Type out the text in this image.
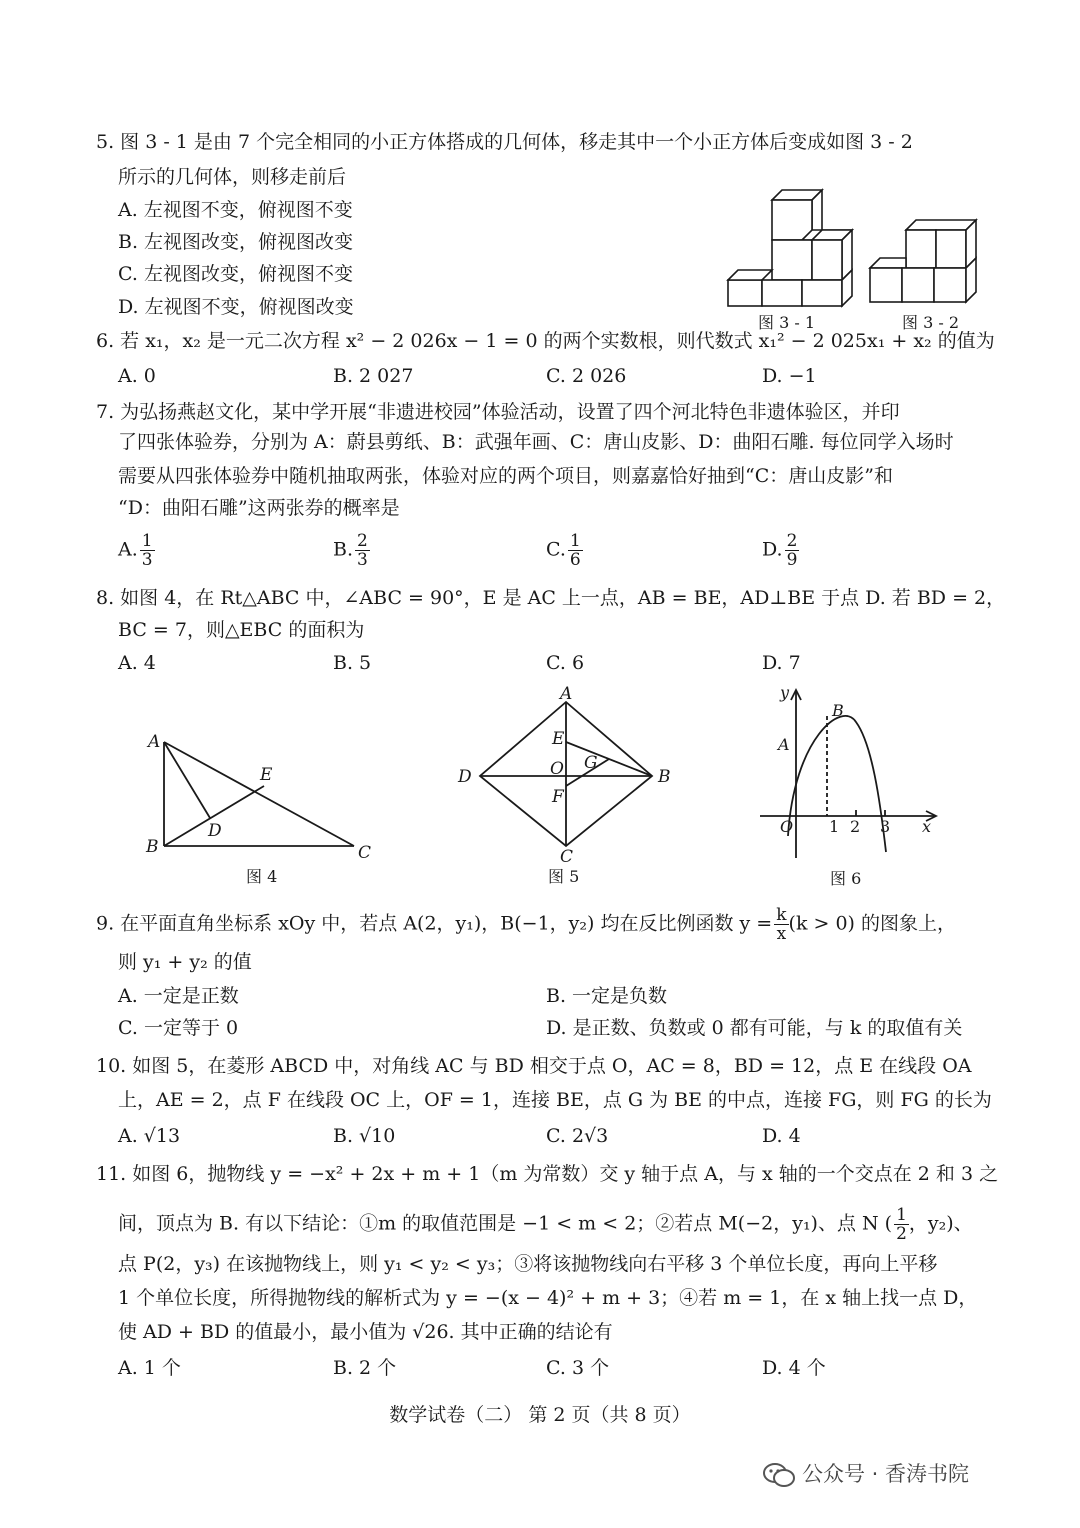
5. 图 3 - 1 是由 7 个完全相同的小正方体搭成的几何体，移走其中一个小正方体后变成如图 3 - 2
所示的几何体，则移走前后
A. 左视图不变，俯视图不变
B. 左视图改变，俯视图改变
C. 左视图改变，俯视图不变
D. 左视图不变，俯视图改变
图 3 - 1	图 3 - 2
6. 若 x₁，x₂ 是一元二次方程 x² − 2 026x − 1 = 0 的两个实数根，则代数式 x₁² − 2 025x₁ + x₂ 的值为
A. 0	B. 2 027	C. 2 026	D. −1
7. 为弘扬燕赵文化，某中学开展“非遗进校园”体验活动，设置了四个河北特色非遗体验区，并印
了四张体验券，分别为 A：蔚县剪纸、B：武强年画、C：唐山皮影、D：曲阳石雕. 每位同学入场时
需要从四张体验券中随机抽取两张，体验对应的两个项目，则嘉嘉恰好抽到“C：唐山皮影”和
“D：曲阳石雕”这两张券的概率是
A. $\frac{1}{3}$	B. $\frac{2}{3}$	C. $\frac{1}{6}$	D. $\frac{2}{9}$
8. 如图 4，在 Rt△ABC 中，∠ABC = 90°，E 是 AC 上一点，AB = BE，AD⊥BE 于点 D. 若 BD = 2，
BC = 7，则△EBC 的面积为
A. 4	B. 5	C. 6	D. 7
A
B	C
D
E
图 4
A
B
C
D
E
F
O G
图 5
y
x
O
A
B
1 2 3
图 6
9. 在平面直角坐标系 xOy 中，若点 A(2，y₁)，B(−1，y₂) 均在反比例函数 $y = \frac{k}{x} (k > 0)$ 的图象上，
则 y₁ + y₂ 的值
A. 一定是正数	B. 一定是负数
C. 一定等于 0	D. 是正数、负数或 0 都有可能，与 k 的取值有关
10. 如图 5，在菱形 ABCD 中，对角线 AC 与 BD 相交于点 O，AC = 8，BD = 12，点 E 在线段 OA
上，AE = 2，点 F 在线段 OC 上，OF = 1，连接 BE，点 G 为 BE 的中点，连接 FG，则 FG 的长为
A. √13	B. √10	C. 2√3	D. 4
11. 如图 6，抛物线 y = −x² + 2x + m + 1（m 为常数）交 y 轴于点 A，与 x 轴的一个交点在 2 和 3 之
间，顶点为 B. 有以下结论：①m 的取值范围是 −1 < m < 2；②若点 M(−2，y₁)、点 N ( $\frac{1}{2}$ ，y₂)、
点 P(2，y₃) 在该抛物线上，则 y₁ < y₂ < y₃；③将该抛物线向右平移 3 个单位长度，再向上平移
1 个单位长度，所得抛物线的解析式为 y = −(x − 4)² + m + 3；④若 m = 1，在 x 轴上找一点 D，
使 AD + BD 的值最小，最小值为 √26. 其中正确的结论有
A. 1 个	B. 2 个	C. 3 个	D. 4 个
数学试卷（二） 第 2 页（共 8 页）
公众号 · 香涛书院
